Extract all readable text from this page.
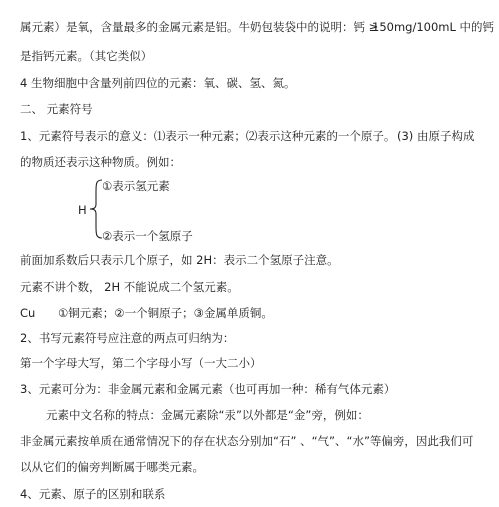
属元素）是氧，含量最多的金属元素是铝。牛奶包装袋中的说明：钙 ≥
150mg/100mL 中的钙
是指钙元素。（其它类似）
4 生物细胞中含量列前四位的元素：氧、碳、氢、氮。
二、 元素符号
1、元素符号表示的意义：⑴表示一种元素；⑵表示这种元素的一个原子。 (3) 由原子构成
的物质还表示这种物质。例如：
H
①表示氢元素
②表示一个氢原子
前面加系数后只表示几个原子，如 2H：表示二个氢原子注意。
元素不讲个数， 2H 不能说成二个氢元素。
Cu ①铜元素；②一个铜原子；③金属单质铜。
2、书写元素符号应注意的两点可归纳为：
第一个字母大写，第二个字母小写（一大二小）
3、元素可分为：非金属元素和金属元素（也可再加一种：稀有气体元素）
元素中文名称的特点：金属元素除“汞”以外都是“金”旁，例如：
非金属元素按单质在通常情况下的存在状态分别加“石” 、“气”、“水”等偏旁，因此我们可
以从它们的偏旁判断属于哪类元素。
4、元素、原子的区别和联系
